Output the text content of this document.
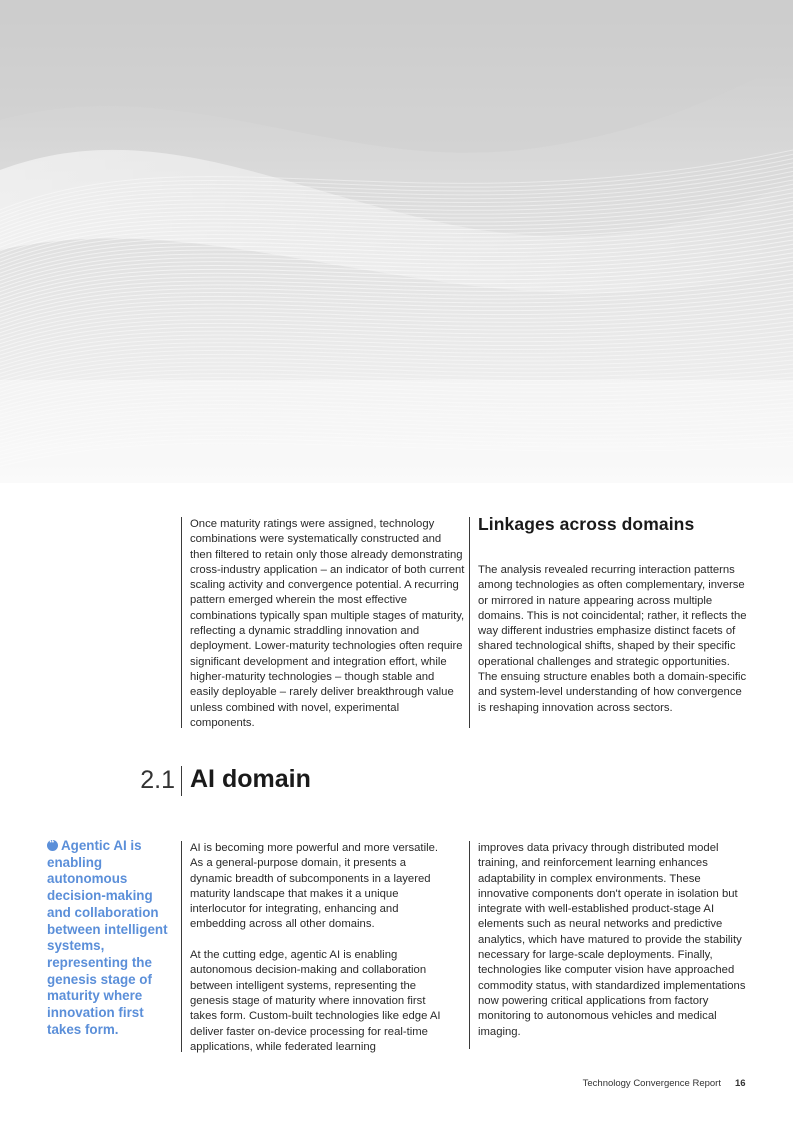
Once maturity ratings were assigned, technology combinations were systematically constructed and then filtered to retain only those already demonstrating cross-industry application – an indicator of both current scaling activity and convergence potential. A recurring pattern emerged wherein the most effective combinations typically span multiple stages of maturity, reflecting a dynamic straddling innovation and deployment. Lower-maturity technologies often require significant development and integration effort, while higher-maturity technologies – though stable and easily deployable – rarely deliver breakthrough value unless combined with novel, experimental components.

Linkages across domains

The analysis revealed recurring interaction patterns among technologies as often complementary, inverse or mirrored in nature appearing across multiple domains. This is not coincidental; rather, it reflects the way different industries emphasize distinct facets of shared technological shifts, shaped by their specific operational challenges and strategic opportunities. The ensuing structure enables both a domain-specific and system-level understanding of how convergence is reshaping innovation across sectors.

2.1 AI domain
“Agentic AI is enabling autonomous decision-making and collaboration between intelligent systems, representing the genesis stage of maturity where innovation first takes form.

AI is becoming more powerful and more versatile. As a general-purpose domain, it presents a dynamic breadth of subcomponents in a layered maturity landscape that makes it a unique interlocutor for integrating, enhancing and embedding across all other domains.

At the cutting edge, agentic AI is enabling autonomous decision-making and collaboration between intelligent systems, representing the genesis stage of maturity where innovation first takes form. Custom-built technologies like edge AI deliver faster on-device processing for real-time applications, while federated learning

improves data privacy through distributed model training, and reinforcement learning enhances adaptability in complex environments. These innovative components don't operate in isolation but integrate with well-established product-stage AI elements such as neural networks and predictive analytics, which have matured to provide the stability necessary for large-scale deployments. Finally, technologies like computer vision have approached commodity status, with standardized implementations now powering critical applications from factory monitoring to autonomous vehicles and medical imaging.

Technology Convergence Report 16
